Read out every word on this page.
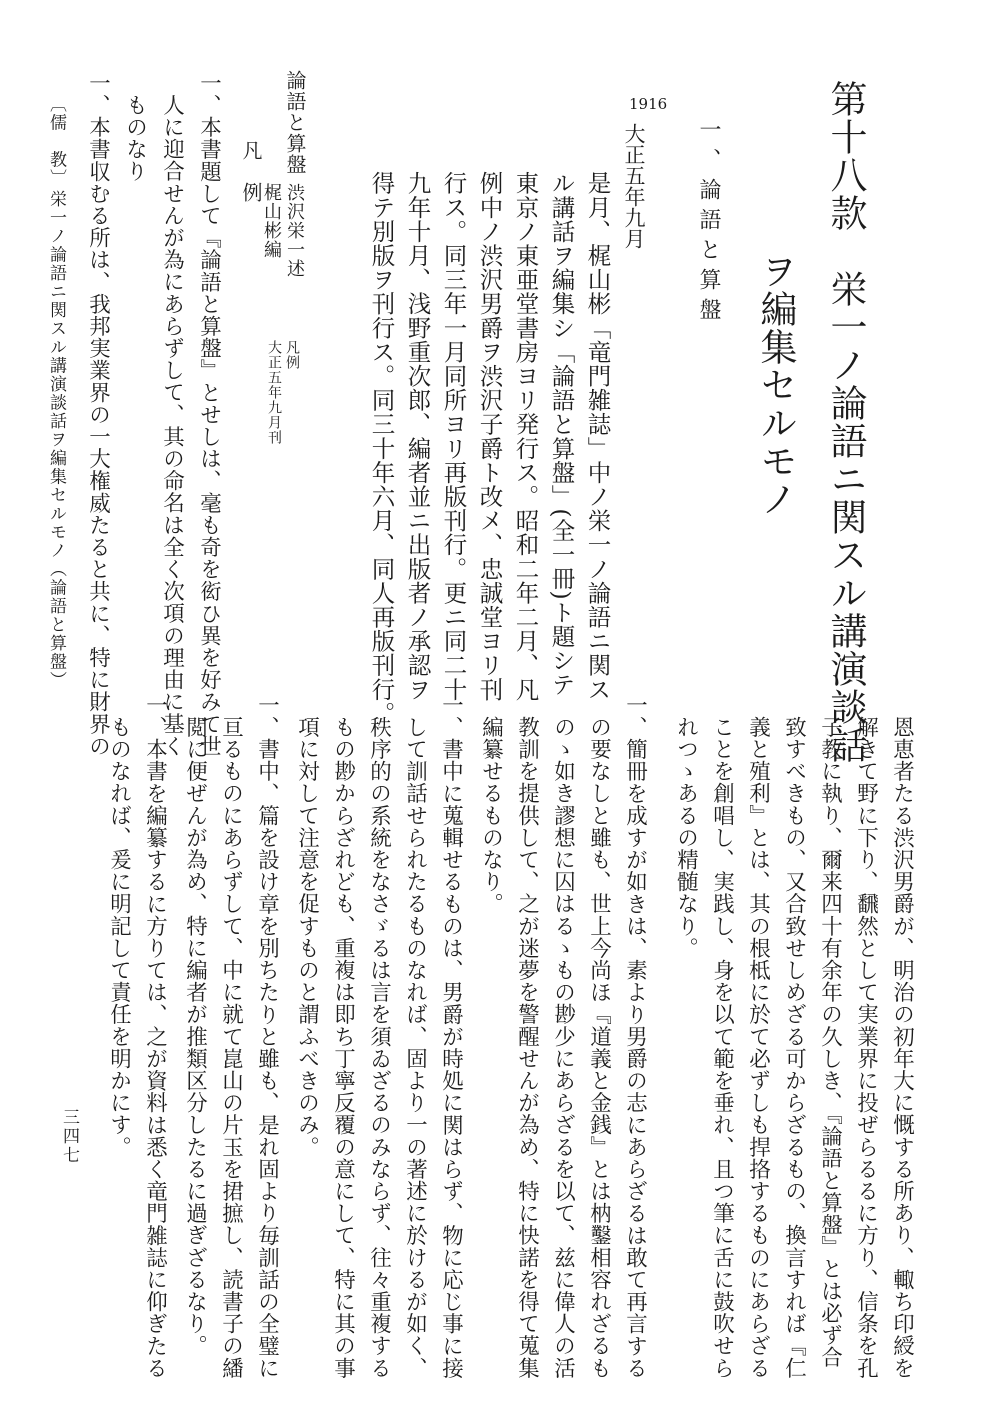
第十八款　栄一ノ論語ニ関スル講演談話
ヲ編集セルモノ
一、論語と算盤
1916
大正五年九月
是月、梶山彬「竜門雑誌」中ノ栄一ノ論語ニ関ス
ル講話ヲ編集シ「論語と算盤」(全一冊)ト題シテ
東京ノ東亜堂書房ヨリ発行ス。昭和二年二月、凡
例中ノ渋沢男爵ヲ渋沢子爵ト改メ、忠誠堂ヨリ刊
行ス。同三年一月同所ヨリ再版刊行。更ニ同二十
九年十月、浅野重次郎、編者並ニ出版者ノ承認ヲ
得テ別版ヲ刊行ス。同三十年六月、同人再版刊行。
論語と算盤
渋沢栄一述
梶山彬編
凡例
大正五年九月刊
凡　例
一、本書題して『論語と算盤』とせしは、毫も奇を衒ひ異を好みて世
人に迎合せんが為にあらずして、其の命名は全く次項の理由に基く
ものなり
一、本書収むる所は、我邦実業界の一大権威たると共に、特に財界の
恩恵者たる渋沢男爵が、明治の初年大に慨する所あり、輙ち印綬を
解きて野に下り、飜然として実業界に投ぜらるるに方り、信条を孔
子教に執り、爾来四十有余年の久しき、『論語と算盤』とは必ず合
致すべきもの、又合致せしめざる可からざるもの、換言すれば『仁
義と殖利』とは、其の根柢に於て必ずしも捍挌するものにあらざる
ことを創唱し、実践し、身を以て範を垂れ、且つ筆に舌に鼓吹せら
れつゝあるの精髄なり。
一、簡冊を成すが如きは、素より男爵の志にあらざるは敢て再言する
の要なしと雖も、世上今尚ほ『道義と金銭』とは枘鑿相容れざるも
のゝ如き謬想に囚はるゝもの尠少にあらざるを以て、兹に偉人の活
教訓を提供して、之が迷夢を警醒せんが為め、特に快諾を得て蒐集
編纂せるものなり。
一、書中に蒐輯せるものは、男爵が時処に関はらず、物に応じ事に接
して訓話せられたるものなれば、固より一の著述に於けるが如く、
秩序的の系統をなさゞるは言を須ゐざるのみならず、往々重複する
もの尠からざれども、重複は即ち丁寧反覆の意にして、特に其の事
項に対して注意を促すものと謂ふべきのみ。
一、書中、篇を設け章を別ちたりと雖も、是れ固より毎訓話の全璧に
亘るものにあらずして、中に就て崑山の片玉を捃摭し、読書子の繙
閲に便ぜんが為め、特に編者が推類区分したるに過ぎざるなり。
一、本書を編纂するに方りては、之が資料は悉く竜門雑誌に仰ぎたる
ものなれば、爰に明記して責任を明かにす。
〔儒　教〕
栄一ノ論語ニ関スル講演談話ヲ編集セルモノ（論語と算盤）
三四七
